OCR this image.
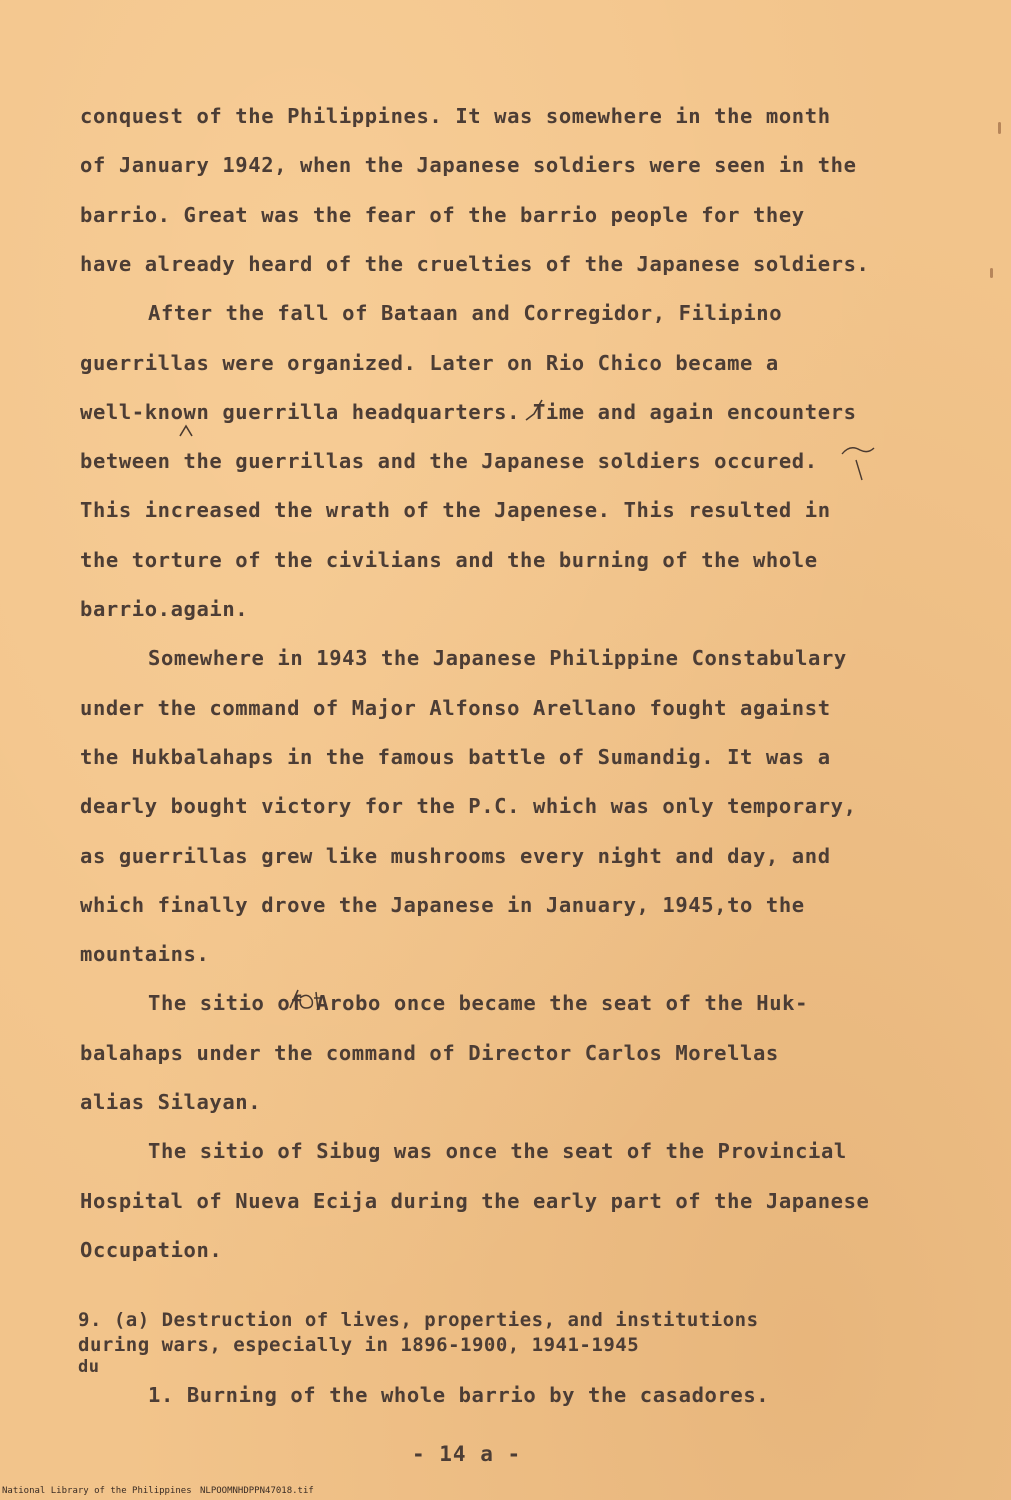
conquest of the Philippines. It was somewhere in the month
of January 1942, when the Japanese soldiers were seen in the
barrio. Great was the fear of the barrio people for they
have already heard of the cruelties of the Japanese soldiers.
After the fall of Bataan and Corregidor, Filipino
guerrillas were organized. Later on Rio Chico became a
well-known guerrilla headquarters. Time and again encounters
between the guerrillas and the Japanese soldiers occured.
This increased the wrath of the Japenese. This resulted in
the torture of the civilians and the burning of the whole
barrio.again.
Somewhere in 1943 the Japanese Philippine Constabulary
under the command of Major Alfonso Arellano fought against
the Hukbalahaps in the famous battle of Sumandig. It was a
dearly bought victory for the P.C. which was only temporary,
as guerrillas grew like mushrooms every night and day, and
which finally drove the Japanese in January, 1945,to the
mountains.
The sitio of Arobo once became the seat of the Huk-
balahaps under the command of Director Carlos Morellas
alias Silayan.
The sitio of Sibug was once the seat of the Provincial
Hospital of Nueva Ecija during the early part of the Japanese
Occupation.
9. (a) Destruction of lives, properties, and institutions
during wars, especially in 1896-1900, 1941-1945
du
1. Burning of the whole barrio by the casadores.
- 14 a -
National Library of the Philippines NLPOOMNHDPPN47018.tif
